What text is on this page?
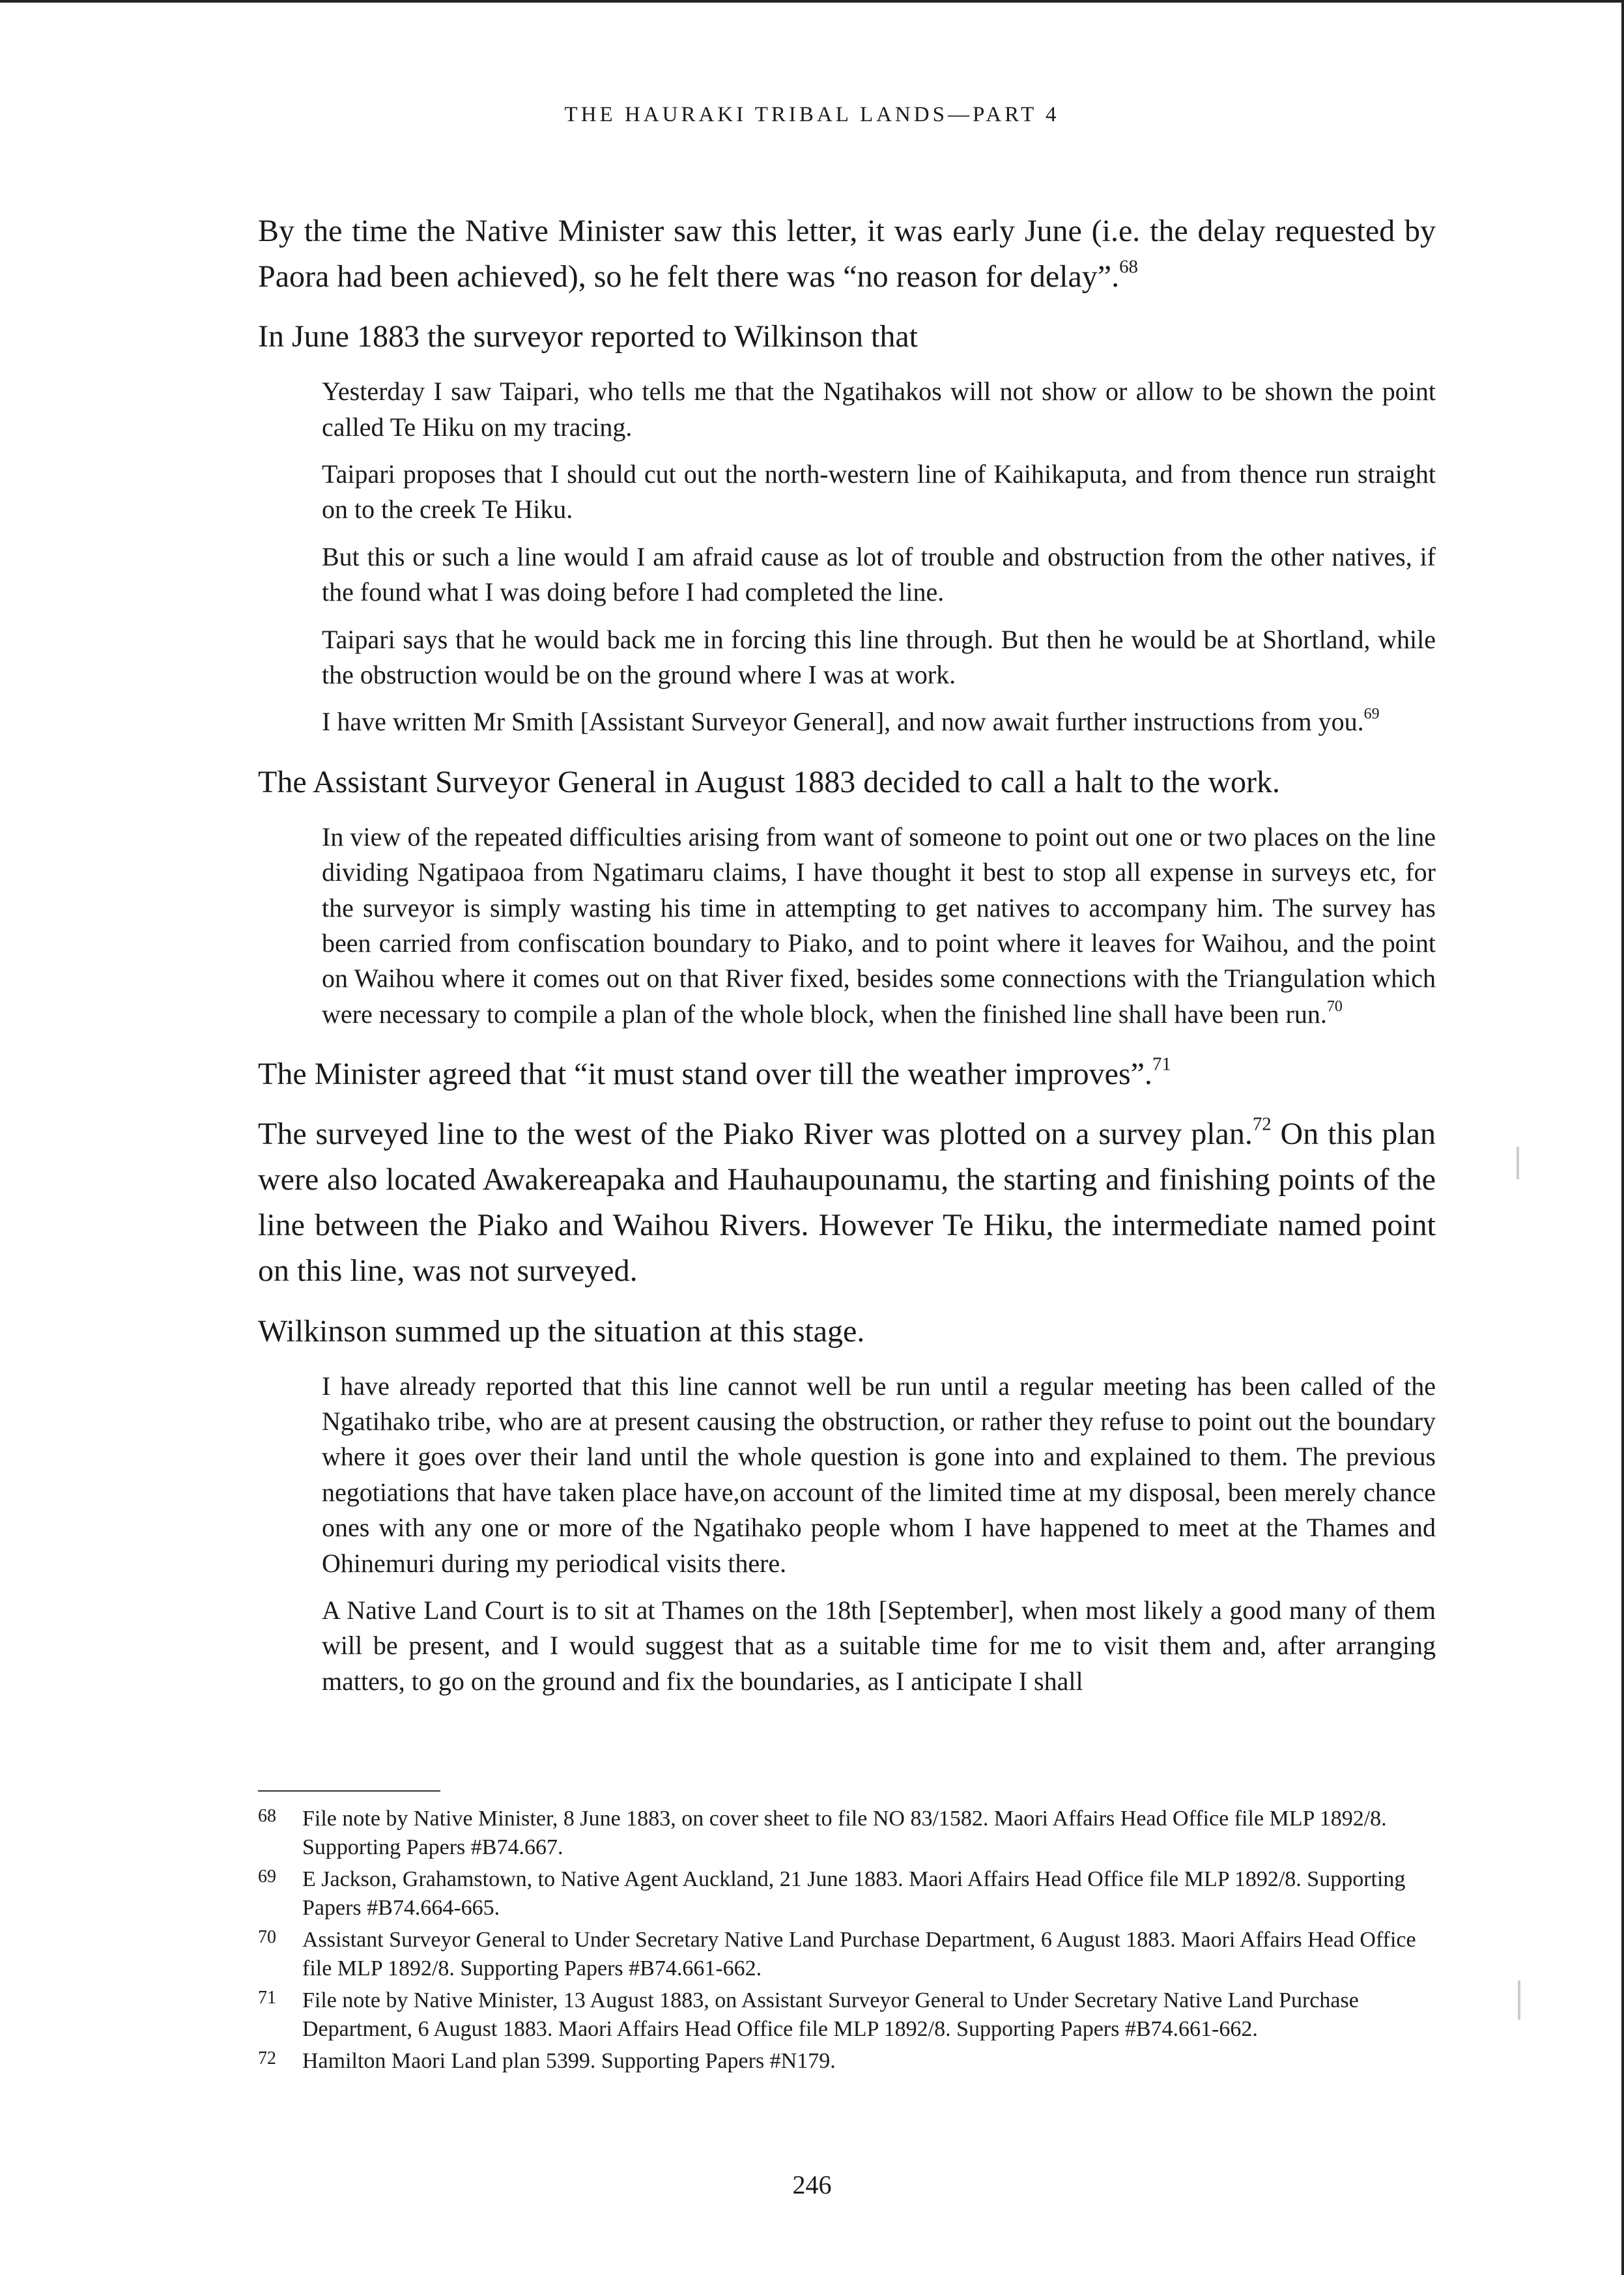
THE HAURAKI TRIBAL LANDS—PART 4

By the time the Native Minister saw this letter, it was early June (i.e. the delay requested by Paora had been achieved), so he felt there was “no reason for delay”.$^{68}$

In June 1883 the surveyor reported to Wilkinson that

Yesterday I saw Taipari, who tells me that the Ngatihakos will not show or allow to be shown the point called Te Hiku on my tracing.

Taipari proposes that I should cut out the north-western line of Kaihikaputa, and from thence run straight on to the creek Te Hiku.

But this or such a line would I am afraid cause as lot of trouble and obstruction from the other natives, if the found what I was doing before I had completed the line.

Taipari says that he would back me in forcing this line through. But then he would be at Shortland, while the obstruction would be on the ground where I was at work.

I have written Mr Smith [Assistant Surveyor General], and now await further instructions from you.$^{69}$

The Assistant Surveyor General in August 1883 decided to call a halt to the work.

In view of the repeated difficulties arising from want of someone to point out one or two places on the line dividing Ngatipaoa from Ngatimaru claims, I have thought it best to stop all expense in surveys etc, for the surveyor is simply wasting his time in attempting to get natives to accompany him. The survey has been carried from confiscation boundary to Piako, and to point where it leaves for Waihou, and the point on Waihou where it comes out on that River fixed, besides some connections with the Triangulation which were necessary to compile a plan of the whole block, when the finished line shall have been run.$^{70}$

The Minister agreed that “it must stand over till the weather improves”.$^{71}$

The surveyed line to the west of the Piako River was plotted on a survey plan.$^{72}$ On this plan were also located Awakereapaka and Hauhaupounamu, the starting and finishing points of the line between the Piako and Waihou Rivers. However Te Hiku, the intermediate named point on this line, was not surveyed.

Wilkinson summed up the situation at this stage.

I have already reported that this line cannot well be run until a regular meeting has been called of the Ngatihako tribe, who are at present causing the obstruction, or rather they refuse to point out the boundary where it goes over their land until the whole question is gone into and explained to them. The previous negotiations that have taken place have,on account of the limited time at my disposal, been merely chance ones with any one or more of the Ngatihako people whom I have happened to meet at the Thames and Ohinemuri during my periodical visits there.

A Native Land Court is to sit at Thames on the 18th [September], when most likely a good many of them will be present, and I would suggest that as a suitable time for me to visit them and, after arranging matters, to go on the ground and fix the boundaries, as I anticipate I shall

68	File note by Native Minister, 8 June 1883, on cover sheet to file NO 83/1582. Maori Affairs Head Office file MLP 1892/8. Supporting Papers #B74.667.
69	E Jackson, Grahamstown, to Native Agent Auckland, 21 June 1883. Maori Affairs Head Office file MLP 1892/8. Supporting Papers #B74.664-665.
70	Assistant Surveyor General to Under Secretary Native Land Purchase Department, 6 August 1883. Maori Affairs Head Office file MLP 1892/8. Supporting Papers #B74.661-662.
71	File note by Native Minister, 13 August 1883, on Assistant Surveyor General to Under Secretary Native Land Purchase Department, 6 August 1883. Maori Affairs Head Office file MLP 1892/8. Supporting Papers #B74.661-662.
72	Hamilton Maori Land plan 5399. Supporting Papers #N179.
246
